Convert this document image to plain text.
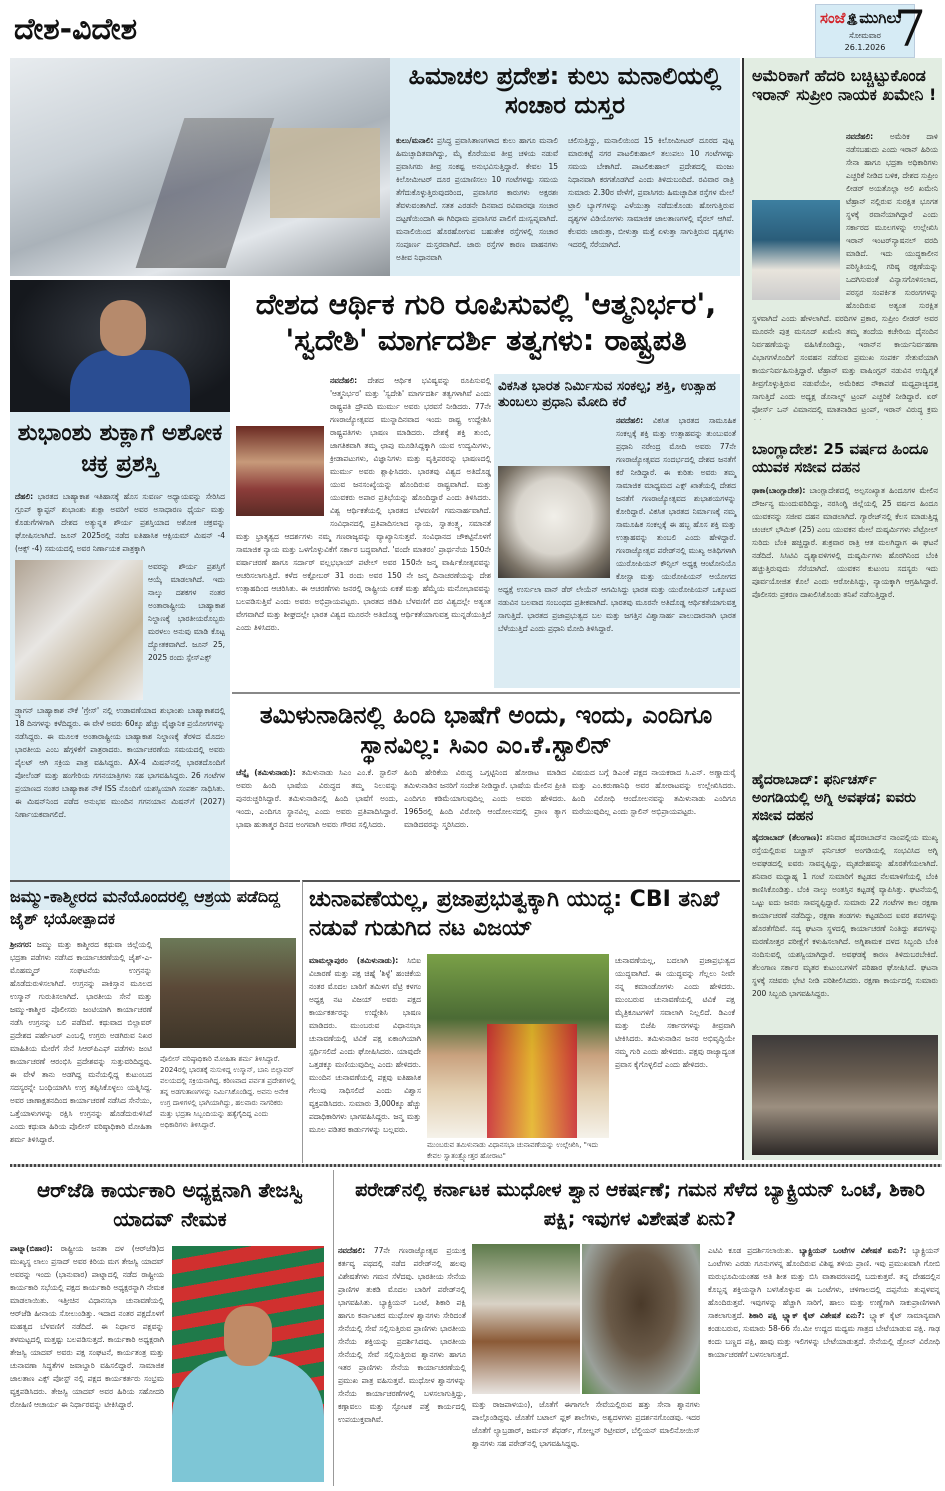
ದೇಶ-ವಿದೇಶ	ಸಂಜೆ🏝ಮುಗಿಲು
ಸೋಮವಾರ
26.1.2026 7
ಹಿಮಾಚಲ ಪ್ರದೇಶ: ಕುಲು ಮನಾಲಿಯಲ್ಲಿ ಸಂಚಾರ ದುಸ್ತರ
ಕುಲು/ಮನಾಲಿ: ಪ್ರಸಿದ್ಧ ಪ್ರವಾಸಿತಾಣಗಳಾದ ಕುಲು ಹಾಗೂ ಮನಾಲಿ ಹಿಮಚ್ಛಾದಿತವಾಗಿದ್ದು, ಮೈ ಕೊರೆಯುವ ತೀವ್ರ ಚಳಿಯ ನಡುವೆ ಪ್ರವಾಸಿಗರು ತೀವ್ರ ಸಂಕಷ್ಟ ಅನುಭವಿಸುತ್ತಿದ್ದಾರೆ. ಕೇವಲ 15 ಕಿಲೋಮೀಟರ್ ದೂರ ಪ್ರಯಾಣಿಸಲು 10 ಗಂಟೆಗಳಷ್ಟು ಸಮಯ ತೆಗೆದುಕೊಳ್ಳುತ್ತಿರುವುದರಿಂದ, ಪ್ರವಾಸಿಗರ ಕಾರುಗಳು ಅಕ್ಷರಶಃ ತೆವಳುವಂತಾಗಿದೆ. ಸತತ ಎರಡನೇ ದಿನವಾದ ರವಿವಾರವೂ ಸಂಚಾರ ದಟ್ಟಣೆಯಿಂದಾಗಿ ಈ ಗಿರಿಧಾಮ ಪ್ರವಾಸಿಗರ ಪಾಲಿಗೆ ದುಃಸ್ವಪ್ನವಾಗಿದೆ. ಮನಾಲಿಯಿಂದ ಹೊರಹೋಗುವ ಬಹುತೇಕ ರಸ್ತೆಗಳಲ್ಲಿ ಸಂಚಾರ ಸಂಪೂರ್ಣ ದುಸ್ತರವಾಗಿದೆ. ಜಾರು ರಸ್ತೆಗಳ ಕಾರಣ ವಾಹನಗಳು ಅತೀವ ನಿಧಾನವಾಗಿ
ಚಲಿಸುತ್ತಿದ್ದು, ಮನಾಲಿಯಿಂದ 15 ಕಿಲೋಮೀಟರ್ ದೂರದ ಪುಟ್ಟ ಮಾರುಕಟ್ಟೆ ನಗರ ಪಾಟಲಿಕುಹಾಲ್ ತಲುಪಲು 10 ಗಂಟೆಗಳಷ್ಟು ಸಮಯ ಬೇಕಾಗಿದೆ. ಪಾಟಲಿಕುಹಾಲ್ ಪ್ರದೇಶದಲ್ಲಿ ಮಂಜು ನಿಧಾನವಾಗಿ ಕರಗತೊಡಗಿದೆ ಎಂದು ತಿಳಿದುಬಂದಿದೆ. ರವಿವಾರ ರಾತ್ರಿ ಸುಮಾರು 2.30ರ ವೇಳೆಗೆ, ಪ್ರವಾಸಿಗರು ಹಿಮಚ್ಛಾದಿತ ರಸ್ತೆಗಳ ಮೇಲೆ ಟ್ರಾಲಿ ಬ್ಯಾಗ್‌ಗಳನ್ನು ಎಳೆಯುತ್ತಾ ನಡೆದುಕೊಂಡು ಹೋಗುತ್ತಿರುವ ದೃಶ್ಯಗಳ ವಿಡಿಯೋಗಳು ಸಾಮಾಜಿಕ ಜಾಲತಾಣಗಳಲ್ಲಿ ವೈರಲ್ ಆಗಿವೆ. ಕೆಲವರು ಜಾರುತ್ತಾ, ಬೀಳುತ್ತಾ ಮತ್ತೆ ಏಳುತ್ತಾ ಸಾಗುತ್ತಿರುವ ದೃಶ್ಯಗಳು ಇದರಲ್ಲಿ ಸೆರೆಯಾಗಿದೆ.
ಅಮೆರಿಕಾಗೆ ಹೆದರಿ ಬಚ್ಚಿಟ್ಟುಕೊಂಡ ಇರಾನ್ ಸುಪ್ರೀಂ ನಾಯಕ ಖಮೇನಿ !
ನವದೆಹಲಿ: ಅಮೆರಿಕ ದಾಳಿ ನಡೆಸಬಹುದು ಎಂದು ಇರಾನ್ ಹಿರಿಯ ಸೇನಾ ಹಾಗೂ ಭದ್ರತಾ ಅಧಿಕಾರಿಗಳು ಎಚ್ಚರಿಕೆ ನೀಡಿದ ಬಳಿಕ, ದೇಶದ ಸುಪ್ರೀಂ ಲೀಡರ್ ಅಯತೊಲ್ಲಾ ಅಲಿ ಖಮೇನಿ ಟೆಹ್ರಾನ್ ನಲ್ಲಿರುವ ಸುರಕ್ಷಿತ ಭೂಗತ ಸ್ಥಳಕ್ಕೆ ರವಾನೆಯಾಗಿದ್ದಾರೆ ಎಂದು ಸರ್ಕಾರದ ಮೂಲಗಳನ್ನು ಉಲ್ಲೇಖಿಸಿ ಇರಾನ್ ಇಂಟರ್‌ನ್ಯಾಷನಲ್ ವರದಿ ಮಾಡಿದೆ. ಇದು ಯುದ್ಧಕಾಲೀನ ಪರಿಸ್ಥಿತಿಯಲ್ಲಿ ಗರಿಷ್ಠ ರಕ್ಷಣೆಯನ್ನು ಒದಗಿಸುವಂತೆ ವಿನ್ಯಾಸಗೊಳಿಸಲಾದ, ಪರಸ್ಪರ ಸಂಪರ್ಕಿತ ಸುರಂಗಗಳನ್ನು ಹೊಂದಿರುವ ಅತ್ಯಂತ ಸುರಕ್ಷಿತ ಸ್ಥಳವಾಗಿದೆ ಎಂದು ಹೇಳಲಾಗಿದೆ. ವರದಿಗಳ ಪ್ರಕಾರ, ಸುಪ್ರೀಂ ಲೀಡರ್ ಅವರ ಮೂರನೇ ಪುತ್ರ ಮಸೂದ್ ಖಮೇನಿ ತಮ್ಮ ತಂದೆಯ ಕಚೇರಿಯ ದೈನಂದಿನ ನಿರ್ವಹಣೆಯನ್ನು ವಹಿಸಿಕೊಂಡಿದ್ದು, ಇರಾನ್‌ನ ಕಾರ್ಯನಿರ್ವಹಣಾ ವಿಭಾಗಗಳೊಂದಿಗೆ ಸಂವಹನ ನಡೆಸುವ ಪ್ರಮುಖ ಸಂಪರ್ಕ ಸೇತುವೆಯಾಗಿ ಕಾರ್ಯನಿರ್ವಹಿಸುತ್ತಿದ್ದಾರೆ. ಟೆಹ್ರಾನ್ ಮತ್ತು ವಾಷಿಂಗ್ಟನ್ ನಡುವಿನ ಉದ್ವಿಗ್ನತೆ ತೀವ್ರಗೊಳ್ಳುತ್ತಿರುವ ನಡುವೆಯೇ, ಅಮೆರಿಕದ ನೌಕಾಪಡೆ ಮಧ್ಯಪ್ರಾಚ್ಯದತ್ತ ಸಾಗುತ್ತಿದೆ ಎಂದು ಅಧ್ಯಕ್ಷ ಡೊನಾಲ್ಡ್ ಟ್ರಂಪ್ ಎಚ್ಚರಿಕೆ ನೀಡಿದ್ದಾರೆ. ಏರ್ ಫೋರ್ಸ್ ಒನ್ ವಿಮಾನದಲ್ಲಿ ಮಾತನಾಡಿದ ಟ್ರಂಪ್, ಇರಾನ್ ವಿರುದ್ಧ ಕ್ರಮ
ಶುಭಾಂಶು ಶುಕ್ಲಾಗೆ ಅಶೋಕ ಚಕ್ರ ಪ್ರಶಸ್ತಿ
ದೆಹಲಿ: ಭಾರತದ ಬಾಹ್ಯಾಕಾಶ ಇತಿಹಾಸಕ್ಕೆ ಹೊಸ ಸುವರ್ಣ ಅಧ್ಯಾಯವನ್ನು ಸೇರಿಸಿದ ಗ್ರೂಪ್ ಕ್ಯಾಪ್ಟನ್ ಶುಭಾಂಶು ಶುಕ್ಲಾ ಅವರಿಗೆ ಅವರ ಅಸಾಧಾರಣ ಧೈರ್ಯ ಮತ್ತು ಕೊಡುಗೆಗಳಿಗಾಗಿ ದೇಶದ ಅತ್ಯುನ್ನತ ಶೌರ್ಯ ಪ್ರಶಸ್ತಿಯಾದ ಅಶೋಕ ಚಕ್ರವನ್ನು ಘೋಷಿಸಲಾಗಿದೆ. ಜೂನ್ 2025ರಲ್ಲಿ ನಡೆದ ಐತಿಹಾಸಿಕ ಆಕ್ಸಿಯಮ್ ಮಿಷನ್ -4 (ಆಕ್ಸ್ -4) ಸಮಯದಲ್ಲಿ ಅವರ ನಿರ್ಣಾಯಕ ಪಾತ್ರಕ್ಕಾಗಿ
ಅವರನ್ನು ಶೌರ್ಯ ಪ್ರಶಸ್ತಿಗೆ ಆಯ್ಕೆ ಮಾಡಲಾಗಿದೆ. ಇದು ನಾಲ್ಕು ದಶಕಗಳ ನಂತರ ಅಂತಾರಾಷ್ಟ್ರೀಯ ಬಾಹ್ಯಾಕಾಶ ನಿಲ್ದಾಣಕ್ಕೆ ಭಾರತೀಯರೊಬ್ಬರು ಮರಳಲು ಅನುವು ಮಾಡಿ ಕೊಟ್ಟ ದ್ಯೋತಕವಾಗಿದೆ. ಜೂನ್ 25, 2025 ರಂದು ಸ್ಪೇಸ್‌ಎಕ್ಸ್
ಡ್ರ್ಯಾಗನ್ ಬಾಹ್ಯಾಕಾಶ ನೌಕೆ 'ಗ್ರೇಸ್' ನಲ್ಲಿ ಉಡಾವಣೆಯಾದ ಶುಭಾಂಶು ಬಾಹ್ಯಾಕಾಶದಲ್ಲಿ 18 ದಿನಗಳನ್ನು ಕಳೆದಿದ್ದರು. ಈ ವೇಳೆ ಅವರು 60ಕ್ಕೂ ಹೆಚ್ಚು ವೈಜ್ಞಾನಿಕ ಪ್ರಯೋಗಗಳನ್ನು ನಡೆಸಿದ್ದರು. ಈ ಮೂಲಕ ಅಂತಾರಾಷ್ಟ್ರೀಯ ಬಾಹ್ಯಾಕಾಶ ನಿಲ್ದಾಣಕ್ಕೆ ತೆರಳಿದ ಮೊದಲ ಭಾರತೀಯ ಎಂಬ ಹೆಗ್ಗಳಿಕೆಗೆ ಪಾತ್ರರಾದರು. ಕಾರ್ಯಾಚರಣೆಯ ಸಮಯದಲ್ಲಿ ಅವರು ಪೈಲಟ್ ಆಗಿ ಸಕ್ರಿಯ ಪಾತ್ರ ವಹಿಸಿದ್ದರು. AX-4 ಮಿಷನ್‌ನಲ್ಲಿ ಭಾರತದೊಂದಿಗೆ ಪೋಲೆಂಡ್ ಮತ್ತು ಹಂಗೇರಿಯ ಗಗನಯಾತ್ರಿಗಳು ಸಹ ಭಾಗವಹಿಸಿದ್ದರು. 26 ಗಂಟೆಗಳ ಪ್ರಯಾಣದ ನಂತರ ಬಾಹ್ಯಾಕಾಶ ನೌಕೆ ISS ನೊಂದಿಗೆ ಯಶಸ್ವಿಯಾಗಿ ಸಂಪರ್ಕ ಸಾಧಿಸಿತು. ಈ ಮಿಷನ್‌ನಿಂದ ಪಡೆದ ಅನುಭವ ಮುಂದಿನ ಗಗನಯಾನ ಮಿಷನ್‌ಗೆ (2027) ನಿರ್ಣಾಯಕವಾಗಲಿದೆ.
ದೇಶದ ಆರ್ಥಿಕ ಗುರಿ ರೂಪಿಸುವಲ್ಲಿ 'ಆತ್ಮನಿರ್ಭರ', 'ಸ್ವದೇಶಿ' ಮಾರ್ಗದರ್ಶಿ ತತ್ವಗಳು: ರಾಷ್ಟ್ರಪತಿ
ನವದೆಹಲಿ: ದೇಶದ ಆರ್ಥಿಕ ಭವಿಷ್ಯವನ್ನು ರೂಪಿಸುವಲ್ಲಿ 'ಆತ್ಮನಿರ್ಭರ' ಮತ್ತು 'ಸ್ವದೇಶಿ' ಮಾರ್ಗದರ್ಶಿ ತತ್ವಗಳಾಗಿವೆ ಎಂದು ರಾಷ್ಟ್ರಪತಿ ದ್ರೌಪದಿ ಮುರ್ಮು ಅವರು ಭರವಸೆ ನೀಡಿದರು. 77ನೇ ಗಣರಾಜ್ಯೋತ್ಸವದ ಮುನ್ನಾದಿನವಾದ ಇಂದು ರಾಷ್ಟ್ರ ಉದ್ದೇಶಿಸಿ ರಾಷ್ಟ್ರಪತಿಗಳು ಭಾಷಣ ಮಾಡಿದರು. ದೇಶಕ್ಕೆ ಶಕ್ತಿ ತುಂಬಿ, ಜಾಗತಿಕವಾಗಿ ತಮ್ಮ ಛಾಪು ಮೂಡಿಸಿದ್ದಕ್ಕಾಗಿ ಯುವ ಉದ್ಯಮಿಗಳು, ಕ್ರೀಡಾಪಟುಗಳು, ವಿಜ್ಞಾನಿಗಳು ಮತ್ತು ವೃತ್ತಿಪರರನ್ನು ಭಾಷಣದಲ್ಲಿ ಮುರ್ಮು ಅವರು ಶ್ಲಾಘಿಸಿದರು. ಭಾರತವು ವಿಶ್ವದ ಅತಿದೊಡ್ಡ ಯುವ ಜನಸಂಖ್ಯೆಯನ್ನು ಹೊಂದಿರುವ ರಾಷ್ಟ್ರವಾಗಿದೆ. ಮತ್ತು ಯುವಕರು ಅಪಾರ ಪ್ರತಿಭೆಯನ್ನು ಹೊಂದಿದ್ದಾರೆ ಎಂದು ತಿಳಿಸಿದರು. ವಿಶ್ವ ಆರ್ಥಿಕತೆಯಲ್ಲಿ ಭಾರತದ ಬೆಳವಣಿಗೆ ಗಮನಾರ್ಹವಾಗಿದೆ. ಸಂವಿಧಾನದಲ್ಲಿ ಪ್ರತಿಪಾದಿಸಲಾದ ನ್ಯಾಯ, ಸ್ವಾತಂತ್ರ್ಯ, ಸಮಾನತೆ ಮತ್ತು ಭ್ರಾತೃತ್ವದ ಆದರ್ಶಗಳು ನಮ್ಮ ಗಣರಾಜ್ಯವನ್ನು ವ್ಯಾಖ್ಯಾನಿಸುತ್ತವೆ. ಸಂವಿಧಾನದ ಚೌಕಟ್ಟಿನೊಳಗೆ ಸಾಮಾಜಿಕ ನ್ಯಾಯ ಮತ್ತು ಒಳಗೊಳ್ಳುವಿಕೆಗೆ ಸರ್ಕಾರ ಬದ್ಧವಾಗಿದೆ. 'ವಂದೇ ಮಾತರಂ' ಪ್ರಾರ್ಥನೆಯ 150ನೇ ವರ್ಷಾಚರಣೆ ಹಾಗೂ ಸರ್ದಾರ್ ವಲ್ಲಭಭಾಯ್ ಪಟೇಲ್ ಅವರ 150ನೇ ಜನ್ಮ ವಾರ್ಷಿಕೋತ್ಸವವನ್ನು ಆಚರಿಸಲಾಗುತ್ತಿದೆ. ಕಳೆದ ಅಕ್ಟೋಬರ್ 31 ರಂದು ಅವರ 150 ನೇ ಜನ್ಮ ದಿನಾಚರಣೆಯನ್ನು ದೇಶ ಉತ್ಸಾಹದಿಂದ ಆಚರಿಸಿತು. ಈ ಆಚರಣೆಗಳು ಜನರಲ್ಲಿ ರಾಷ್ಟ್ರೀಯ ಏಕತೆ ಮತ್ತು ಹೆಮ್ಮೆಯ ಮನೋಭಾವವನ್ನು ಬಲಪಡಿಸುತ್ತಿವೆ ಎಂದು ಅವರು ಅಭಿಪ್ರಾಯಪಟ್ಟರು. ಭಾರತದ ಜಿಡಿಪಿ ಬೆಳವಣಿಗೆ ದರ ವಿಶ್ವದಲ್ಲೇ ಅತ್ಯಂತ ವೇಗವಾಗಿದೆ ಮತ್ತು ಶೀಘ್ರದಲ್ಲೇ ಭಾರತ ವಿಶ್ವದ ಮೂರನೇ ಅತಿದೊಡ್ಡ ಆರ್ಥಿಕತೆಯಾಗುವತ್ತ ಮುನ್ನಡೆಯುತ್ತಿದೆ ಎಂದು ತಿಳಿಸಿದರು.
ವಿಕಸಿತ ಭಾರತ ನಿರ್ಮಿಸುವ ಸಂಕಲ್ಪ; ಶಕ್ತಿ, ಉತ್ಸಾಹ ತುಂಬಲು ಪ್ರಧಾನಿ ಮೋದಿ ಕರೆ
ನವದೆಹಲಿ: ವಿಕಸಿತ ಭಾರತದ ಸಾಮೂಹಿಕ ಸಂಕಲ್ಪಕ್ಕೆ ಶಕ್ತಿ ಮತ್ತು ಉತ್ಸಾಹವನ್ನು ತುಂಬುವಂತೆ ಪ್ರಧಾನಿ ನರೇಂದ್ರ ಮೋದಿ ಅವರು 77ನೇ ಗಣರಾಜ್ಯೋತ್ಸವದ ಸಂದರ್ಭದಲ್ಲಿ ದೇಶದ ಜನತೆಗೆ ಕರೆ ನೀಡಿದ್ದಾರೆ. ಈ ಕುರಿತು ಅವರು ತಮ್ಮ ಸಾಮಾಜಿಕ ಮಾಧ್ಯಮದ ಎಕ್ಸ್ ಖಾತೆಯಲ್ಲಿ ದೇಶದ ಜನತೆಗೆ ಗಣರಾಜ್ಯೋತ್ಸವದ ಶುಭಾಶಯಗಳನ್ನು ಕೋರಿದ್ದಾರೆ. ವಿಕಸಿತ ಭಾರತದ ನಿರ್ಮಾಣಕ್ಕೆ ನಮ್ಮ ಸಾಮೂಹಿಕ ಸಂಕಲ್ಪಕ್ಕೆ ಈ ಹಬ್ಬ ಹೊಸ ಶಕ್ತಿ ಮತ್ತು ಉತ್ಸಾಹವನ್ನು ತುಂಬಲಿ ಎಂದು ಹೇಳಿದ್ದಾರೆ. ಗಣರಾಜ್ಯೋತ್ಸವ ಪರೇಡ್‌ನಲ್ಲಿ ಮುಖ್ಯ ಅತಿಥಿಗಳಾಗಿ ಯುರೋಪಿಯನ್ ಕೌನ್ಸಿಲ್ ಅಧ್ಯಕ್ಷ ಆಂಟೋನಿಯೊ ಕೋಸ್ಟಾ ಮತ್ತು ಯುರೋಪಿಯನ್ ಆಯೋಗದ ಅಧ್ಯಕ್ಷೆ ಉರ್ಸುಲಾ ವಾನ್ ಡೆರ್ ಲೇಯೆನ್ ಆಗಮಿಸಿದ್ದು ಭಾರತ ಮತ್ತು ಯುರೋಪಿಯನ್ ಒಕ್ಕೂಟದ ನಡುವಿನ ಬಲವಾದ ಸಂಬಂಧದ ಪ್ರತೀಕವಾಗಿದೆ. ಭಾರತವು ಮೂರನೇ ಅತಿದೊಡ್ಡ ಆರ್ಥಿಕತೆಯಾಗುವತ್ತ ಸಾಗುತ್ತಿದೆ. ಭಾರತದ ಪ್ರಜಾಪ್ರಭುತ್ವದ ಬಲ ಮತ್ತು ಜಗತ್ತಿನ ವಿಶ್ವಾಸಾರ್ಹ ಪಾಲುದಾರನಾಗಿ ಭಾರತ ಬೆಳೆಯುತ್ತಿದೆ ಎಂದು ಪ್ರಧಾನಿ ಮೋದಿ ತಿಳಿಸಿದ್ದಾರೆ.
ಬಾಂಗ್ಲಾದೇಶ: 25 ವರ್ಷದ ಹಿಂದೂ ಯುವಕ ಸಜೀವ ದಹನ
ಢಾಕಾ(ಬಾಂಗ್ಲಾದೇಶ): ಬಾಂಗ್ಲಾದೇಶದಲ್ಲಿ ಅಲ್ಪಸಂಖ್ಯಾತ ಹಿಂದೂಗಳ ಮೇಲಿನ ದೌರ್ಜನ್ಯ ಮುಂದುವರಿದಿದ್ದು, ನರಸಿಂಗ್ಡಿ ಜಿಲ್ಲೆಯಲ್ಲಿ 25 ವರ್ಷದ ಹಿಂದೂ ಯುವಕನನ್ನು ಸಜೀವ ದಹನ ಮಾಡಲಾಗಿದೆ. ಗ್ಯಾರೇಜ್‌ನಲ್ಲಿ ಕೆಲಸ ಮಾಡುತ್ತಿದ್ದ ಚಂಚಲ್ ಭೌಮಿಕ್ (25) ಎಂಬ ಯುವಕನ ಮೇಲೆ ದುಷ್ಕರ್ಮಿಗಳು ಪೆಟ್ರೋಲ್ ಸುರಿದು ಬೆಂಕಿ ಹಚ್ಚಿದ್ದಾರೆ. ಶುಕ್ರವಾರ ರಾತ್ರಿ ಆತ ಮಲಗಿದ್ದಾಗ ಈ ಘಟನೆ ನಡೆದಿದೆ. ಸಿಸಿಟಿವಿ ದೃಶ್ಯಾವಳಿಗಳಲ್ಲಿ ದುಷ್ಕರ್ಮಿಗಳು ಹೊರಗಿನಿಂದ ಬೆಂಕಿ ಹಚ್ಚುತ್ತಿರುವುದು ಸೆರೆಯಾಗಿದೆ. ಯುವಕನ ಕುಟುಂಬ ಸದಸ್ಯರು ಇದು ಪೂರ್ವಯೋಜಿತ ಕೊಲೆ ಎಂದು ಆರೋಪಿಸಿದ್ದು, ನ್ಯಾಯಕ್ಕಾಗಿ ಆಗ್ರಹಿಸಿದ್ದಾರೆ. ಪೊಲೀಸರು ಪ್ರಕರಣ ದಾಖಲಿಸಿಕೊಂಡು ತನಿಖೆ ನಡೆಸುತ್ತಿದ್ದಾರೆ.
ಹೈದರಾಬಾದ್: ಫರ್ನಿಚರ್ಸ್ ಅಂಗಡಿಯಲ್ಲಿ ಅಗ್ನಿ ಅವಘಡ; ಐವರು ಸಜೀವ ದಹನ
ಹೈದರಾಬಾದ್ (ತೆಲಂಗಾಣ): ಶನಿವಾರ ಹೈದರಾಬಾದ್‌ನ ನಾಂಪಲ್ಲಿಯ ಮುಖ್ಯ ರಸ್ತೆಯಲ್ಲಿರುವ ಬಚ್ಚಾಸ್ ಫರ್ನಿಚರ್ ಅಂಗಡಿಯಲ್ಲಿ ಸಂಭವಿಸಿದ ಅಗ್ನಿ ಅವಘಡದಲ್ಲಿ ಐವರು ಸಾವನ್ನಪ್ಪಿದ್ದು, ಮೃತದೇಹವನ್ನು ಹೊರತೆಗೆಯಲಾಗಿದೆ. ಶನಿವಾರ ಮಧ್ಯಾಹ್ನ 1 ಗಂಟೆ ಸುಮಾರಿಗೆ ಕಟ್ಟಡದ ನೆಲಮಾಳಿಗೆಯಲ್ಲಿ ಬೆಂಕಿ ಕಾಣಿಸಿಕೊಂಡಿತ್ತು. ಬೆಂಕಿ ನಾಲ್ಕು ಅಂತಸ್ತಿನ ಕಟ್ಟಡಕ್ಕೆ ವ್ಯಾಪಿಸಿತ್ತು. ಘಟನೆಯಲ್ಲಿ ಒಟ್ಟು ಐದು ಜನರು ಸಾವನ್ನಪ್ಪಿದ್ದಾರೆ. ಸುಮಾರು 22 ಗಂಟೆಗಳ ಕಾಲ ರಕ್ಷಣಾ ಕಾರ್ಯಾಚರಣೆ ನಡೆದಿದ್ದು, ರಕ್ಷಣಾ ತಂಡಗಳು ಕಟ್ಟಡದಿಂದ ಐವರ ಶವಗಳನ್ನು ಹೊರತೆಗೆದಿವೆ. ಸದ್ಯ ಘಟನಾ ಸ್ಥಳದಲ್ಲಿ ಕಾರ್ಯಾಚರಣೆ ನಿಂತಿದ್ದು ಶವಗಳನ್ನು ಮರಣೋತ್ತರ ಪರೀಕ್ಷೆಗೆ ಕಳುಹಿಸಲಾಗಿದೆ. ಅಗ್ನಿಶಾಮಕ ದಳದ ಸಿಬ್ಬಂದಿ ಬೆಂಕಿ ನಂದಿಸುವಲ್ಲಿ ಯಶಸ್ವಿಯಾಗಿದ್ದಾರೆ. ಅವಘಡಕ್ಕೆ ಕಾರಣ ತಿಳಿದುಬರಬೇಕಿದೆ. ತೆಲಂಗಾಣ ಸರ್ಕಾರ ಮೃತರ ಕುಟುಂಬಗಳಿಗೆ ಪರಿಹಾರ ಘೋಷಿಸಿದೆ. ಘಟನಾ ಸ್ಥಳಕ್ಕೆ ಸಚಿವರು ಭೇಟಿ ನೀಡಿ ಪರಿಶೀಲಿಸಿದರು. ರಕ್ಷಣಾ ಕಾರ್ಯದಲ್ಲಿ ಸುಮಾರು 200 ಸಿಬ್ಬಂದಿ ಭಾಗವಹಿಸಿದ್ದರು.
ತಮಿಳುನಾಡಿನಲ್ಲಿ ಹಿಂದಿ ಭಾಷೆಗೆ ಅಂದು, ಇಂದು, ಎಂದಿಗೂ ಸ್ಥಾನವಿಲ್ಲ: ಸಿಎಂ ಎಂ.ಕೆ.ಸ್ಟಾಲಿನ್
ಚೆನ್ನೈ (ತಮಿಳುನಾಡು): ತಮಿಳುನಾಡು ಸಿಎಂ ಎಂ.ಕೆ. ಸ್ಟಾಲಿನ್ ಅವರು ಹಿಂದಿ ಭಾಷೆಯ ವಿರುದ್ಧದ ತಮ್ಮ ನಿಲುವನ್ನು ಪುನರುಚ್ಚರಿಸಿದ್ದಾರೆ. ತಮಿಳುನಾಡಿನಲ್ಲಿ ಹಿಂದಿ ಭಾಷೆಗೆ ಅಂದು, ಇಂದು, ಎಂದಿಗೂ ಸ್ಥಾನವಿಲ್ಲ ಎಂದು ಅವರು ಪ್ರತಿಪಾದಿಸಿದ್ದಾರೆ. ಭಾಷಾ ಹುತಾತ್ಮರ ದಿನದ ಅಂಗವಾಗಿ ಅವರು ಗೌರವ ಸಲ್ಲಿಸಿದರು.
ಹಿಂದಿ ಹೇರಿಕೆಯ ವಿರುದ್ಧ ಒಗ್ಗಟ್ಟಿನಿಂದ ಹೋರಾಟ ಮಾಡಿದ ತಮಿಳುನಾಡಿನ ಜನರಿಗೆ ಸಂದೇಶ ನೀಡಿದ್ದಾರೆ. ಭಾಷೆಯ ಮೇಲಿನ ಪ್ರೀತಿ ಎಂದಿಗೂ ಕಡಿಮೆಯಾಗುವುದಿಲ್ಲ ಎಂದು ಅವರು ಹೇಳಿದರು. 1965ರಲ್ಲಿ ಹಿಂದಿ ವಿರೋಧಿ ಆಂದೋಲನದಲ್ಲಿ ಪ್ರಾಣ ತ್ಯಾಗ ಮಾಡಿದವರನ್ನು ಸ್ಮರಿಸಿದರು.
ವಿಷಯದ ಬಗ್ಗೆ ಡಿಎಂಕೆ ಪಕ್ಷದ ನಾಯಕರಾದ ಸಿ.ಎನ್. ಅಣ್ಣಾದುರೈ ಮತ್ತು ಎಂ.ಕರುಣಾನಿಧಿ ಅವರ ಹೋರಾಟವನ್ನು ಉಲ್ಲೇಖಿಸಿದರು. ಹಿಂದಿ ವಿರೋಧಿ ಆಂದೋಲನವನ್ನು ತಮಿಳುನಾಡು ಎಂದಿಗೂ ಮರೆಯುವುದಿಲ್ಲ ಎಂದು ಸ್ಟಾಲಿನ್ ಅಭಿಪ್ರಾಯಪಟ್ಟರು.
ಜಮ್ಮು-ಕಾಶ್ಮೀರದ ಮನೆಯೊಂದರಲ್ಲಿ ಆಶ್ರಯ ಪಡೆದಿದ್ದ ಜೈಶ್ ಭಯೋತ್ಪಾದಕ
ಶ್ರೀನಗರ: ಜಮ್ಮು ಮತ್ತು ಕಾಶ್ಮೀರದ ಕಥುವಾ ಜಿಲ್ಲೆಯಲ್ಲಿ ಭದ್ರತಾ ಪಡೆಗಳು ನಡೆಸಿದ ಕಾರ್ಯಾಚರಣೆಯಲ್ಲಿ ಜೈಶ್-ಎ-ಮೊಹಮ್ಮದ್ ಸಂಘಟನೆಯ ಉಗ್ರನನ್ನು ಹೊಡೆದುರುಳಿಸಲಾಗಿದೆ. ಉಗ್ರನನ್ನು ಪಾಕಿಸ್ತಾನ ಮೂಲದ ಉಸ್ಮಾನ್ ಗುರುತಿಸಲಾಗಿದೆ. ಭಾರತೀಯ ಸೇನೆ ಮತ್ತು ಜಮ್ಮು-ಕಾಶ್ಮೀರ ಪೊಲೀಸರು ಜಂಟಿಯಾಗಿ ಕಾರ್ಯಾಚರಣೆ ನಡೆಸಿ ಉಗ್ರನನ್ನು ಬಲಿ ಪಡೆದಿವೆ. ಕಥುವಾದ ಬಿಲ್ಲಾವರ್ ಪ್ರದೇಶದ ಪರ್ಹೇಟರ್ ಎಂಬಲ್ಲಿ ಉಗ್ರರು ಅಡಗಿರುವ ನಿಖರ ಮಾಹಿತಿಯ ಮೇರೆಗೆ ಸೇನೆ ಸಿಆರ್‌ಪಿಎಫ್ ಪಡೆಗಳು ಜಂಟಿ ಕಾರ್ಯಾಚರಣೆ ಆರಂಭಿಸಿ ಪ್ರದೇಶವನ್ನು ಸುತ್ತುವರಿದಿದ್ದವು. ಈ ವೇಳೆ ತಾನು ಅಡಗಿದ್ದ ಮನೆಯಲ್ಲಿದ್ದ ಕುಟುಂಬದ ಸದಸ್ಯರನ್ನೇ ಬಂಧಿಯಾಗಿಸಿ ಉಗ್ರ ತಪ್ಪಿಸಿಕೊಳ್ಳಲು ಯತ್ನಿಸಿದ್ದ. ಅವರ ಚಾಣಾಕ್ಷತನದಿಂದ ಕಾರ್ಯಾಚರಣೆ ನಡೆಸಿದ ಸೇನೆಯು, ಒತ್ತೆಯಾಳುಗಳನ್ನು ರಕ್ಷಿಸಿ ಉಗ್ರನನ್ನು ಹೊಡೆದುರುಳಿಸಿದೆ ಎಂದು ಕಥುವಾ ಹಿರಿಯ ಪೊಲೀಸ್ ವರಿಷ್ಠಾಧಿಕಾರಿ ಮೋಹಿತಾ ಶರ್ಮ ತಿಳಿಸಿದ್ದಾರೆ.
ಪೊಲೀಸ್ ವರಿಷ್ಠಾಧಿಕಾರಿ ಮೋಹಿತಾ ಶರ್ಮ ತಿಳಿಸಿದ್ದಾರೆ. 2024ರಲ್ಲಿ ಭಾರತಕ್ಕೆ ನುಸುಳಿದ್ದ ಉಸ್ಮಾನ್, ಬಾನಿ ಬಿಲ್ಲಾವರ್ ವಲಯದಲ್ಲಿ ಸಕ್ರಿಯನಾಗಿದ್ದ. ಕಠಿಣವಾದ ಪರ್ವತ ಪ್ರದೇಶಗಳಲ್ಲಿ ತನ್ನ ಅಡಗುತಾಣಗಳನ್ನು ನಿರ್ಮಿಸಿಕೊಂಡಿದ್ದ. ಅವನು ಅನೇಕ ಉಗ್ರ ದಾಳಿಗಳಲ್ಲಿ ಭಾಗಿಯಾಗಿದ್ದು, ಹಲವಾರು ನಾಗರಿಕರು ಮತ್ತು ಭದ್ರತಾ ಸಿಬ್ಬಂದಿಯನ್ನು ಹತ್ಯೆಗೈದಿದ್ದ ಎಂದು ಅಧಿಕಾರಿಗಳು ತಿಳಿಸಿದ್ದಾರೆ.
ಚುನಾವಣೆಯಲ್ಲ, ಪ್ರಜಾಪ್ರಭುತ್ವಕ್ಕಾಗಿ ಯುದ್ಧ: CBI ತನಿಖೆ ನಡುವೆ ಗುಡುಗಿದ ನಟ ವಿಜಯ್
ಮಾಮಲ್ಲಾಪುರಂ (ತಮಿಳುನಾಡು): ಸಿಬಿಐ ವಿಚಾರಣೆ ಮತ್ತು ಪಕ್ಷ ಚಿಹ್ನೆ 'ಶಿಳ್ಳೆ' ಹಂಚಿಕೆಯ ನಂತರ ಮೊದಲ ಬಾರಿಗೆ ತಮಿಳಗ ವೆಟ್ರಿ ಕಳಗಂ ಅಧ್ಯಕ್ಷ ನಟ ವಿಜಯ್ ಅವರು ಪಕ್ಷದ ಕಾರ್ಯಕರ್ತರನ್ನು ಉದ್ದೇಶಿಸಿ ಭಾಷಣ ಮಾಡಿದರು. ಮುಂಬರುವ ವಿಧಾನಸಭಾ ಚುನಾವಣೆಯಲ್ಲಿ ಟಿವಿಕೆ ಪಕ್ಷ ಏಕಾಂಗಿಯಾಗಿ ಸ್ಪರ್ಧಿಸಲಿದೆ ಎಂದು ಘೋಷಿಸಿದರು. ಯಾವುದೇ ಒತ್ತಡಕ್ಕೂ ಮಣಿಯುವುದಿಲ್ಲ ಎಂದು ಹೇಳಿದರು. ಮುಂದಿನ ಚುನಾವಣೆಯಲ್ಲಿ ಪಕ್ಷವು ಐತಿಹಾಸಿಕ ಗೆಲುವು ಸಾಧಿಸಲಿದೆ ಎಂದು ವಿಶ್ವಾಸ ವ್ಯಕ್ತಪಡಿಸಿದರು. ಸುಮಾರು 3,000ಕ್ಕೂ ಹೆಚ್ಚು ಪದಾಧಿಕಾರಿಗಳು ಭಾಗವಹಿಸಿದ್ದರು. ಜನ್ಮ ಮತ್ತು ಮೂಲ ಪಡಿತರ ಕಾರ್ಡುಗಳನ್ನು ಬಲ್ಲವರು.
ಮುಂಬರುವ ತಮಿಳುನಾಡು ವಿಧಾನಸಭಾ ಚುನಾವಣೆಯನ್ನು ಉಲ್ಲೇಖಿಸಿ, "ಇದು ಕೇವಲ ಸ್ವಾತಂತ್ರ್ಯೋತ್ತರ ಹೋರಾಟ"
ಚುನಾವಣೆಯಲ್ಲ, ಬದಲಾಗಿ ಪ್ರಜಾಪ್ರಭುತ್ವದ ಯುದ್ಧವಾಗಿದೆ. ಈ ಯುದ್ಧವನ್ನು ಗೆಲ್ಲಲು ನೀವೇ ನನ್ನ ಕಮಾಂಡೋಗಳು ಎಂದು ಹೇಳಿದರು. ಮುಂಬರುವ ಚುನಾವಣೆಯಲ್ಲಿ ಟಿವಿಕೆ ಪಕ್ಷ ಮೈತ್ರಿಕೂಟಗಳಿಗೆ ಸವಾಲಾಗಿ ನಿಲ್ಲಲಿದೆ. ಡಿಎಂಕೆ ಮತ್ತು ಬಿಜೆಪಿ ಸರ್ಕಾರಗಳನ್ನು ತೀವ್ರವಾಗಿ ಟೀಕಿಸಿದರು. ತಮಿಳುನಾಡಿನ ಜನರ ಅಭಿವೃದ್ಧಿಯೇ ನಮ್ಮ ಗುರಿ ಎಂದು ಹೇಳಿದರು. ಪಕ್ಷವು ರಾಜ್ಯಾದ್ಯಂತ ಪ್ರವಾಸ ಕೈಗೊಳ್ಳಲಿದೆ ಎಂದು ಹೇಳಿದರು.
ಆರ್‌ಜೆಡಿ ಕಾರ್ಯಕಾರಿ ಅಧ್ಯಕ್ಷನಾಗಿ ತೇಜಸ್ವಿ ಯಾದವ್ ನೇಮಕ
ಪಾಟ್ನಾ(ಬಿಹಾರ): ರಾಷ್ಟ್ರೀಯ ಜನತಾ ದಳ (ಆರ್‌ಜೆಡಿ)ದ ಮುಖ್ಯಸ್ಥ ಲಾಲು ಪ್ರಸಾದ್ ಅವರ ಕಿರಿಯ ಮಗ ತೇಜಸ್ವಿ ಯಾದವ್ ಅವರನ್ನು ಇಂದು (ಭಾನುವಾರ) ಪಾಟ್ನಾದಲ್ಲಿ ನಡೆದ ರಾಷ್ಟ್ರೀಯ ಕಾರ್ಯಕಾರಿ ಸಭೆಯಲ್ಲಿ ಪಕ್ಷದ ಕಾರ್ಯಕಾರಿ ಅಧ್ಯಕ್ಷರನ್ನಾಗಿ ನೇಮಕ ಮಾಡಲಾಯಿತು. ಇತ್ತೀಚಿನ ವಿಧಾನಸಭಾ ಚುನಾವಣೆಯಲ್ಲಿ ಆರ್‌ಜೆಡಿ ಹೀನಾಯ ಸೋಲುಂಡಿತ್ತು. ಇದಾದ ನಂತರ ಪಕ್ಷದೊಳಗೆ ಮಹತ್ವದ ಬೆಳವಣಿಗೆ ನಡೆದಿದೆ. ಈ ನಿರ್ಧಾರ ಪಕ್ಷವನ್ನು ತಳಮಟ್ಟದಲ್ಲಿ ಮತ್ತಷ್ಟು ಬಲಪಡಿಸುತ್ತದೆ. ಕಾರ್ಯಕಾರಿ ಅಧ್ಯಕ್ಷರಾಗಿ ತೇಜಸ್ವಿ ಯಾದವ್ ಅವರು ಪಕ್ಷ ಸಂಘಟನೆ, ಕಾರ್ಯತಂತ್ರ ಮತ್ತು ಚುನಾವಣಾ ಸಿದ್ಧತೆಗಳ ಜವಾಬ್ದಾರಿ ವಹಿಸಲಿದ್ದಾರೆ. ಸಾಮಾಜಿಕ ಜಾಲತಾಣ ಎಕ್ಸ್ ಪೋಸ್ಟ್ ನಲ್ಲಿ ಪಕ್ಷದ ಕಾರ್ಯಕರ್ತರು ಸಂಭ್ರಮ ವ್ಯಕ್ತಪಡಿಸಿದರು. ತೇಜಸ್ವಿ ಯಾದವ್ ಅವರ ಹಿರಿಯ ಸಹೋದರಿ ರೋಹಿಣಿ ಆಚಾರ್ಯ ಈ ನಿರ್ಧಾರವನ್ನು ಟೀಕಿಸಿದ್ದಾರೆ.
ಪರೇಡ್‌ನಲ್ಲಿ ಕರ್ನಾಟಕ ಮುಧೋಳ ಶ್ವಾನ ಆಕರ್ಷಣೆ; ಗಮನ ಸೆಳೆದ ಬ್ಯಾಕ್ಟ್ರಿಯನ್ ಒಂಟೆ, ಶಿಕಾರಿ ಪಕ್ಷಿ; ಇವುಗಳ ವಿಶೇಷತೆ ಏನು?
ನವದೆಹಲಿ: 77ನೇ ಗಣರಾಜ್ಯೋತ್ಸವ ಪ್ರಯುಕ್ತ ಕರ್ತವ್ಯ ಪಥದಲ್ಲಿ ನಡೆದ ಪರೇಡ್‌ನಲ್ಲಿ ಹಲವು ವಿಶೇಷತೆಗಳು ಗಮನ ಸೆಳೆದವು. ಭಾರತೀಯ ಸೇನೆಯ ಪ್ರಾಣಿಗಳ ತುಕಡಿ ಮೊದಲ ಬಾರಿಗೆ ಪರೇಡ್‌ನಲ್ಲಿ ಭಾಗವಹಿಸಿತು. ಬ್ಯಾಕ್ಟ್ರಿಯನ್ ಒಂಟೆ, ಶಿಕಾರಿ ಪಕ್ಷಿ ಹಾಗೂ ಕರ್ನಾಟಕದ ಮುಧೋಳ ಶ್ವಾನಗಳು ಸೇರಿದಂತೆ ಸೇನೆಯಲ್ಲಿ ಸೇವೆ ಸಲ್ಲಿಸುತ್ತಿರುವ ಪ್ರಾಣಿಗಳು ಭಾರತೀಯ ಸೇನೆಯ ಶಕ್ತಿಯನ್ನು ಪ್ರದರ್ಶಿಸಿದವು. ಭಾರತೀಯ ಸೇನೆಯಲ್ಲಿ ಸೇವೆ ಸಲ್ಲಿಸುತ್ತಿರುವ ಶ್ವಾನಗಳು ಹಾಗೂ ಇತರ ಪ್ರಾಣಿಗಳು ಸೇನೆಯ ಕಾರ್ಯಾಚರಣೆಯಲ್ಲಿ ಪ್ರಮುಖ ಪಾತ್ರ ವಹಿಸುತ್ತವೆ. ಮುಧೋಳ ಶ್ವಾನಗಳನ್ನು ಸೇನೆಯ ಕಾರ್ಯಾಚರಣೆಗಳಲ್ಲಿ ಬಳಸಲಾಗುತ್ತಿದ್ದು, ಕಣ್ಗಾವಲು ಮತ್ತು ಸ್ಫೋಟಕ ಪತ್ತೆ ಕಾರ್ಯದಲ್ಲಿ ಉಪಯುಕ್ತವಾಗಿವೆ.
ಮತ್ತು ರಾಜಪಾಳಯಂ), ಜೊತೆಗೆ ಈಗಾಗಲೇ ಸೇವೆಯಲ್ಲಿರುವ ಹತ್ತು ಸೇನಾ ಶ್ವಾನಗಳು ಪಾಲ್ಗೊಂಡಿದ್ದವು. ಜೊತೆಗೆ ಬಟಾಲ್ ಫ್ಲಕ್ ಶಾಲೆಗಳು, ಅಶ್ವದಳಗಳು ಪ್ರದರ್ಶನಗೊಂಡವು. ಇದರ ಜೊತೆಗೆ ಲ್ಯಾಬ್ರಡಾರ್, ಜರ್ಮನ್ ಶೆಫರ್ಡ್, ಗೋಲ್ಡನ್ ರಿಟ್ರೀವರ್, ಬೆಲ್ಜಿಯನ್ ಮಾಲಿನೋಯಿಸ್ ಶ್ವಾನಗಳು ಸಹ ಪರೇಡ್‌ನಲ್ಲಿ ಭಾಗವಹಿಸಿದ್ದವು.
ಎಟಿವಿ ಕೂಡ ಪ್ರದರ್ಶಿಸಲಾಯಿತು. ಬ್ಯಾಕ್ಟ್ರಿಯನ್ ಒಂಟೆಗಳ ವಿಶೇಷತೆ ಏನು?: ಬ್ಯಾಕ್ಟ್ರಿಯನ್ ಒಂಟೆಗಳು ಎರಡು ಗೂನುಗಳನ್ನ ಹೊಂದಿರುವ ವಿಶಿಷ್ಟ ತಳಿಯ ಪ್ರಾಣಿ. ಇವು ಪ್ರಮುಖವಾಗಿ ಗೋಬಿ ಮರುಭೂಮಿಯಂತಹ ಅತಿ ಶೀತ ಮತ್ತು ಬಿಸಿ ವಾತಾವರಣದಲ್ಲಿ ಬದುಕುತ್ತವೆ. ತನ್ನ ದೇಹದಲ್ಲಿನ ಕೊಬ್ಬನ್ನ ಶಕ್ತಿಯನ್ನಾಗಿ ಬಳಸಿಕೊಳ್ಳುವ ಈ ಒಂಟೆಗಳು, ಚಳಿಗಾಲದಲ್ಲಿ ದಪ್ಪನೆಯ ತುಪ್ಪಳವನ್ನ ಹೊಂದಿರುತ್ತವೆ. ಇವುಗಳನ್ನು ಹೆಚ್ಚಾಗಿ ಸಾರಿಗೆ, ಹಾಲು ಮತ್ತು ಉಣ್ಣೆಗಾಗಿ ಸಾಕುಪ್ರಾಣಿಗಳಾಗಿ ಸಾಕಲಾಗುತ್ತದೆ. ಶಿಕಾರಿ ಪಕ್ಷಿ ಬ್ಲ್ಯಾಕ್ ಕೈಟ್ ವಿಶೇಷತೆ ಏನು?: ಬ್ಲ್ಯಾಕ್ ಕೈಟ್ ಸಾಮಾನ್ಯವಾಗಿ ಕಂಡುಬರುವ, ಸುಮಾರು 58-66 ಸೆಂ.ಮೀ ಉದ್ದದ ಮಧ್ಯಮ ಗಾತ್ರದ ಬೇಟೆಯಾಡುವ ಪಕ್ಷಿ. ಗಾಢ ಕಂದು ಬಣ್ಣದ ಪಕ್ಷಿ, ಹಾವು ಮತ್ತು ಇಲಿಗಳನ್ನು ಬೇಟೆಯಾಡುತ್ತದೆ. ಸೇನೆಯಲ್ಲಿ ಡ್ರೋನ್ ವಿರೋಧಿ ಕಾರ್ಯಾಚರಣೆಗೆ ಬಳಸಲಾಗುತ್ತದೆ.
